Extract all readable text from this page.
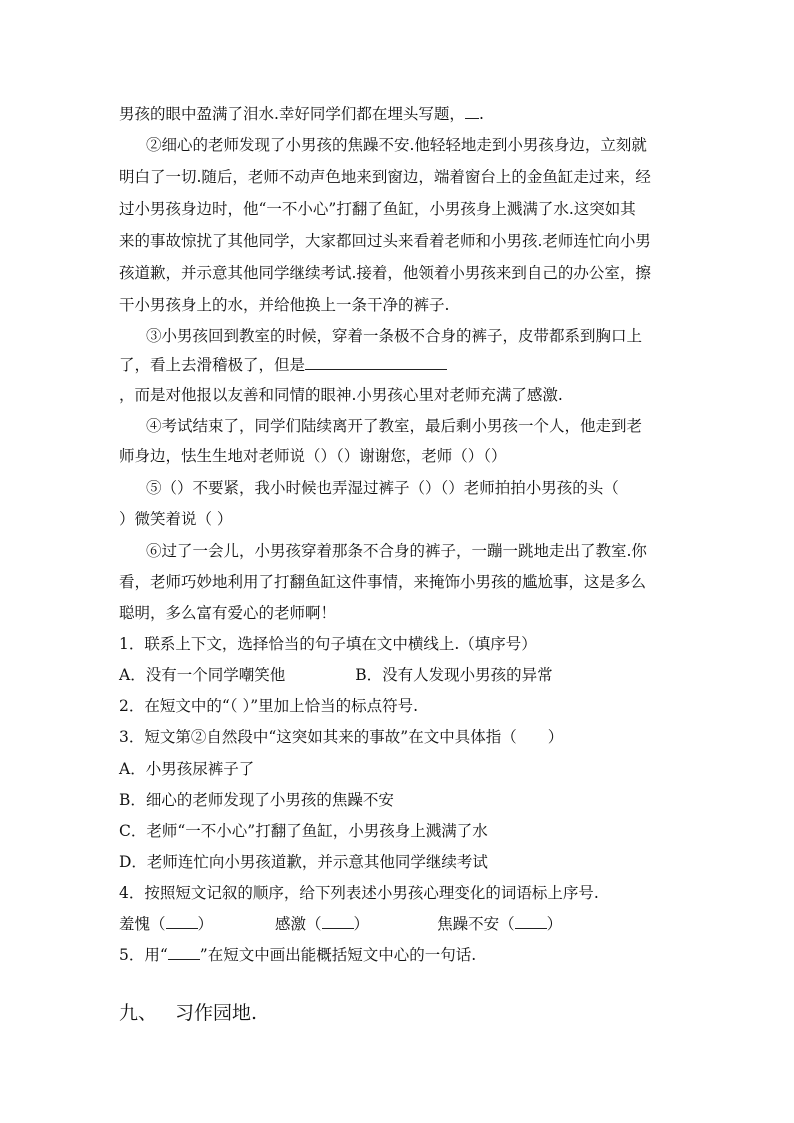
男孩的眼中盈满了泪水.幸好同学们都在埋头写题， .
②细心的老师发现了小男孩的焦躁不安.他轻轻地走到小男孩身边，立刻就
明白了一切.随后，老师不动声色地来到窗边，端着窗台上的金鱼缸走过来，经
过小男孩身边时，他“一不小心”打翻了鱼缸，小男孩身上溅满了水.这突如其
来的事故惊扰了其他同学，大家都回过头来看着老师和小男孩.老师连忙向小男
孩道歉，并示意其他同学继续考试.接着，他领着小男孩来到自己的办公室，擦
干小男孩身上的水，并给他换上一条干净的裤子.
③小男孩回到教室的时候，穿着一条极不合身的裤子，皮带都系到胸口上
了，看上去滑稽极了，但是
，而是对他报以友善和同情的眼神.小男孩心里对老师充满了感激.
④考试结束了，同学们陆续离开了教室，最后剩小男孩一个人，他走到老
师身边，怯生生地对老师说（）（）谢谢您，老师（）（）
⑤（）不要紧，我小时候也弄湿过裤子（）（）老师拍拍小男孩的头（
）微笑着说（ ）
⑥过了一会儿，小男孩穿着那条不合身的裤子，一蹦一跳地走出了教室.你
看，老师巧妙地利用了打翻鱼缸这件事情，来掩饰小男孩的尴尬事，这是多么
聪明，多么富有爱心的老师啊！
1．联系上下文，选择恰当的句子填在文中横线上.（填序号）
A．没有一个同学嘲笑他	B．没有人发现小男孩的异常
2．在短文中的“（ ）”里加上恰当的标点符号.
3．短文第②自然段中“这突如其来的事故”在文中具体指（　　）
A．小男孩尿裤子了
B．细心的老师发现了小男孩的焦躁不安
C．老师“一不小心”打翻了鱼缸，小男孩身上溅满了水
D．老师连忙向小男孩道歉，并示意其他同学继续考试
4．按照短文记叙的顺序，给下列表述小男孩心理变化的词语标上序号.
羞愧（ ）	感激（ ）	焦躁不安（ ）
5．用“ ”在短文中画出能概括短文中心的一句话.
九、 习作园地.
